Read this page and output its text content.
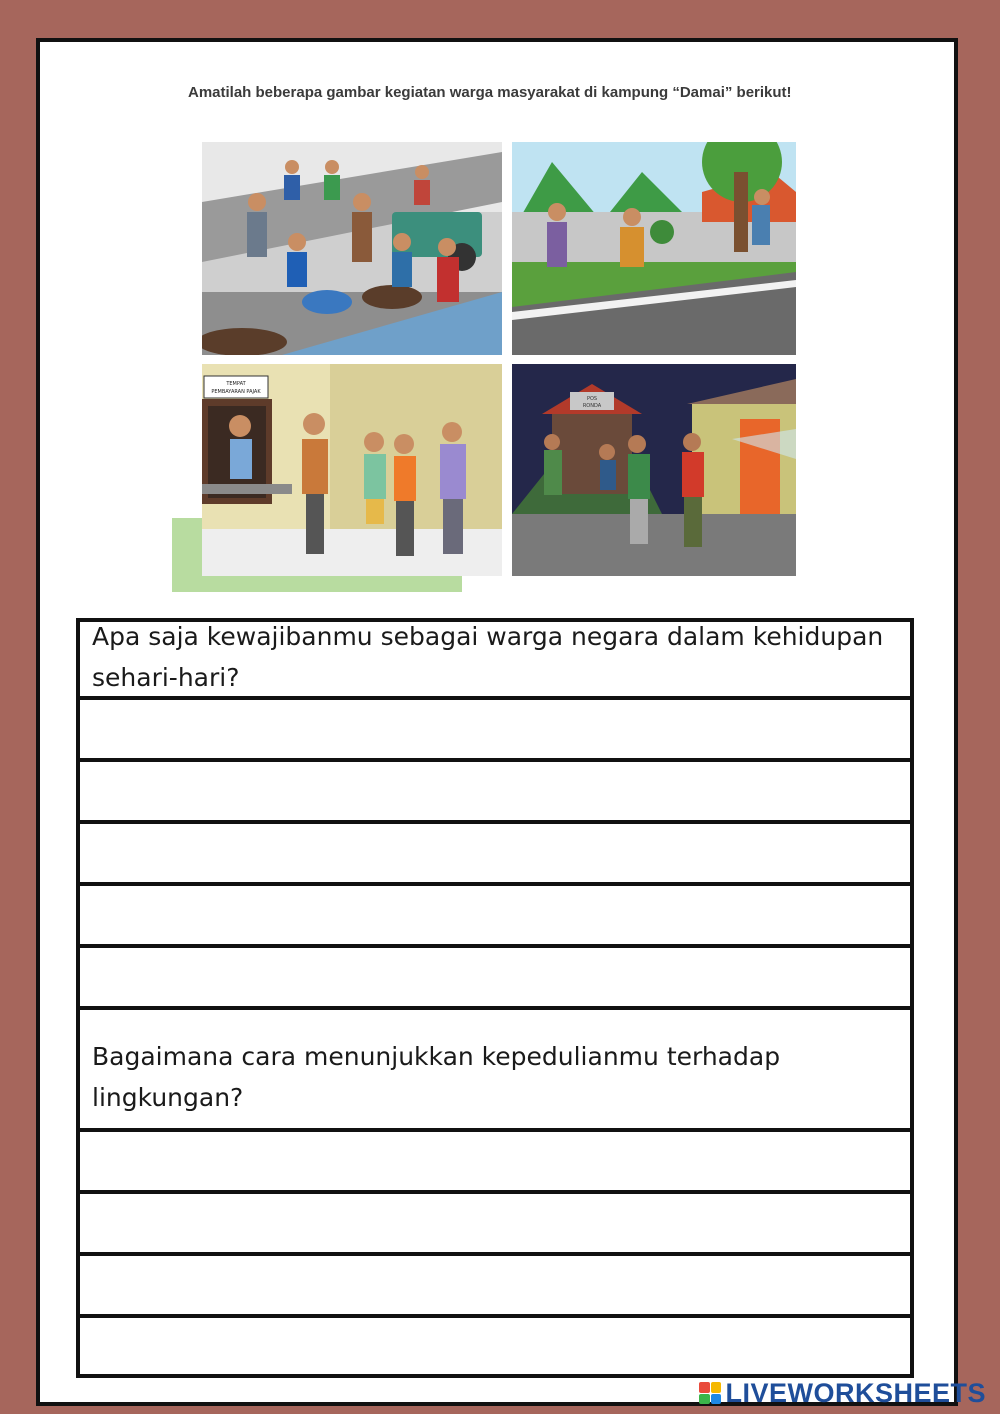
Amatilah beberapa gambar kegiatan warga masyarakat di kampung “Damai” berikut!

TEMPAT
PEMBAYARAN PAJAK
POS
RONDA

Apa saja kewajibanmu sebagai warga negara dalam kehidupan sehari-hari?

Bagaimana cara menunjukkan kepedulianmu terhadap lingkungan?

LIVEWORKSHEETS
